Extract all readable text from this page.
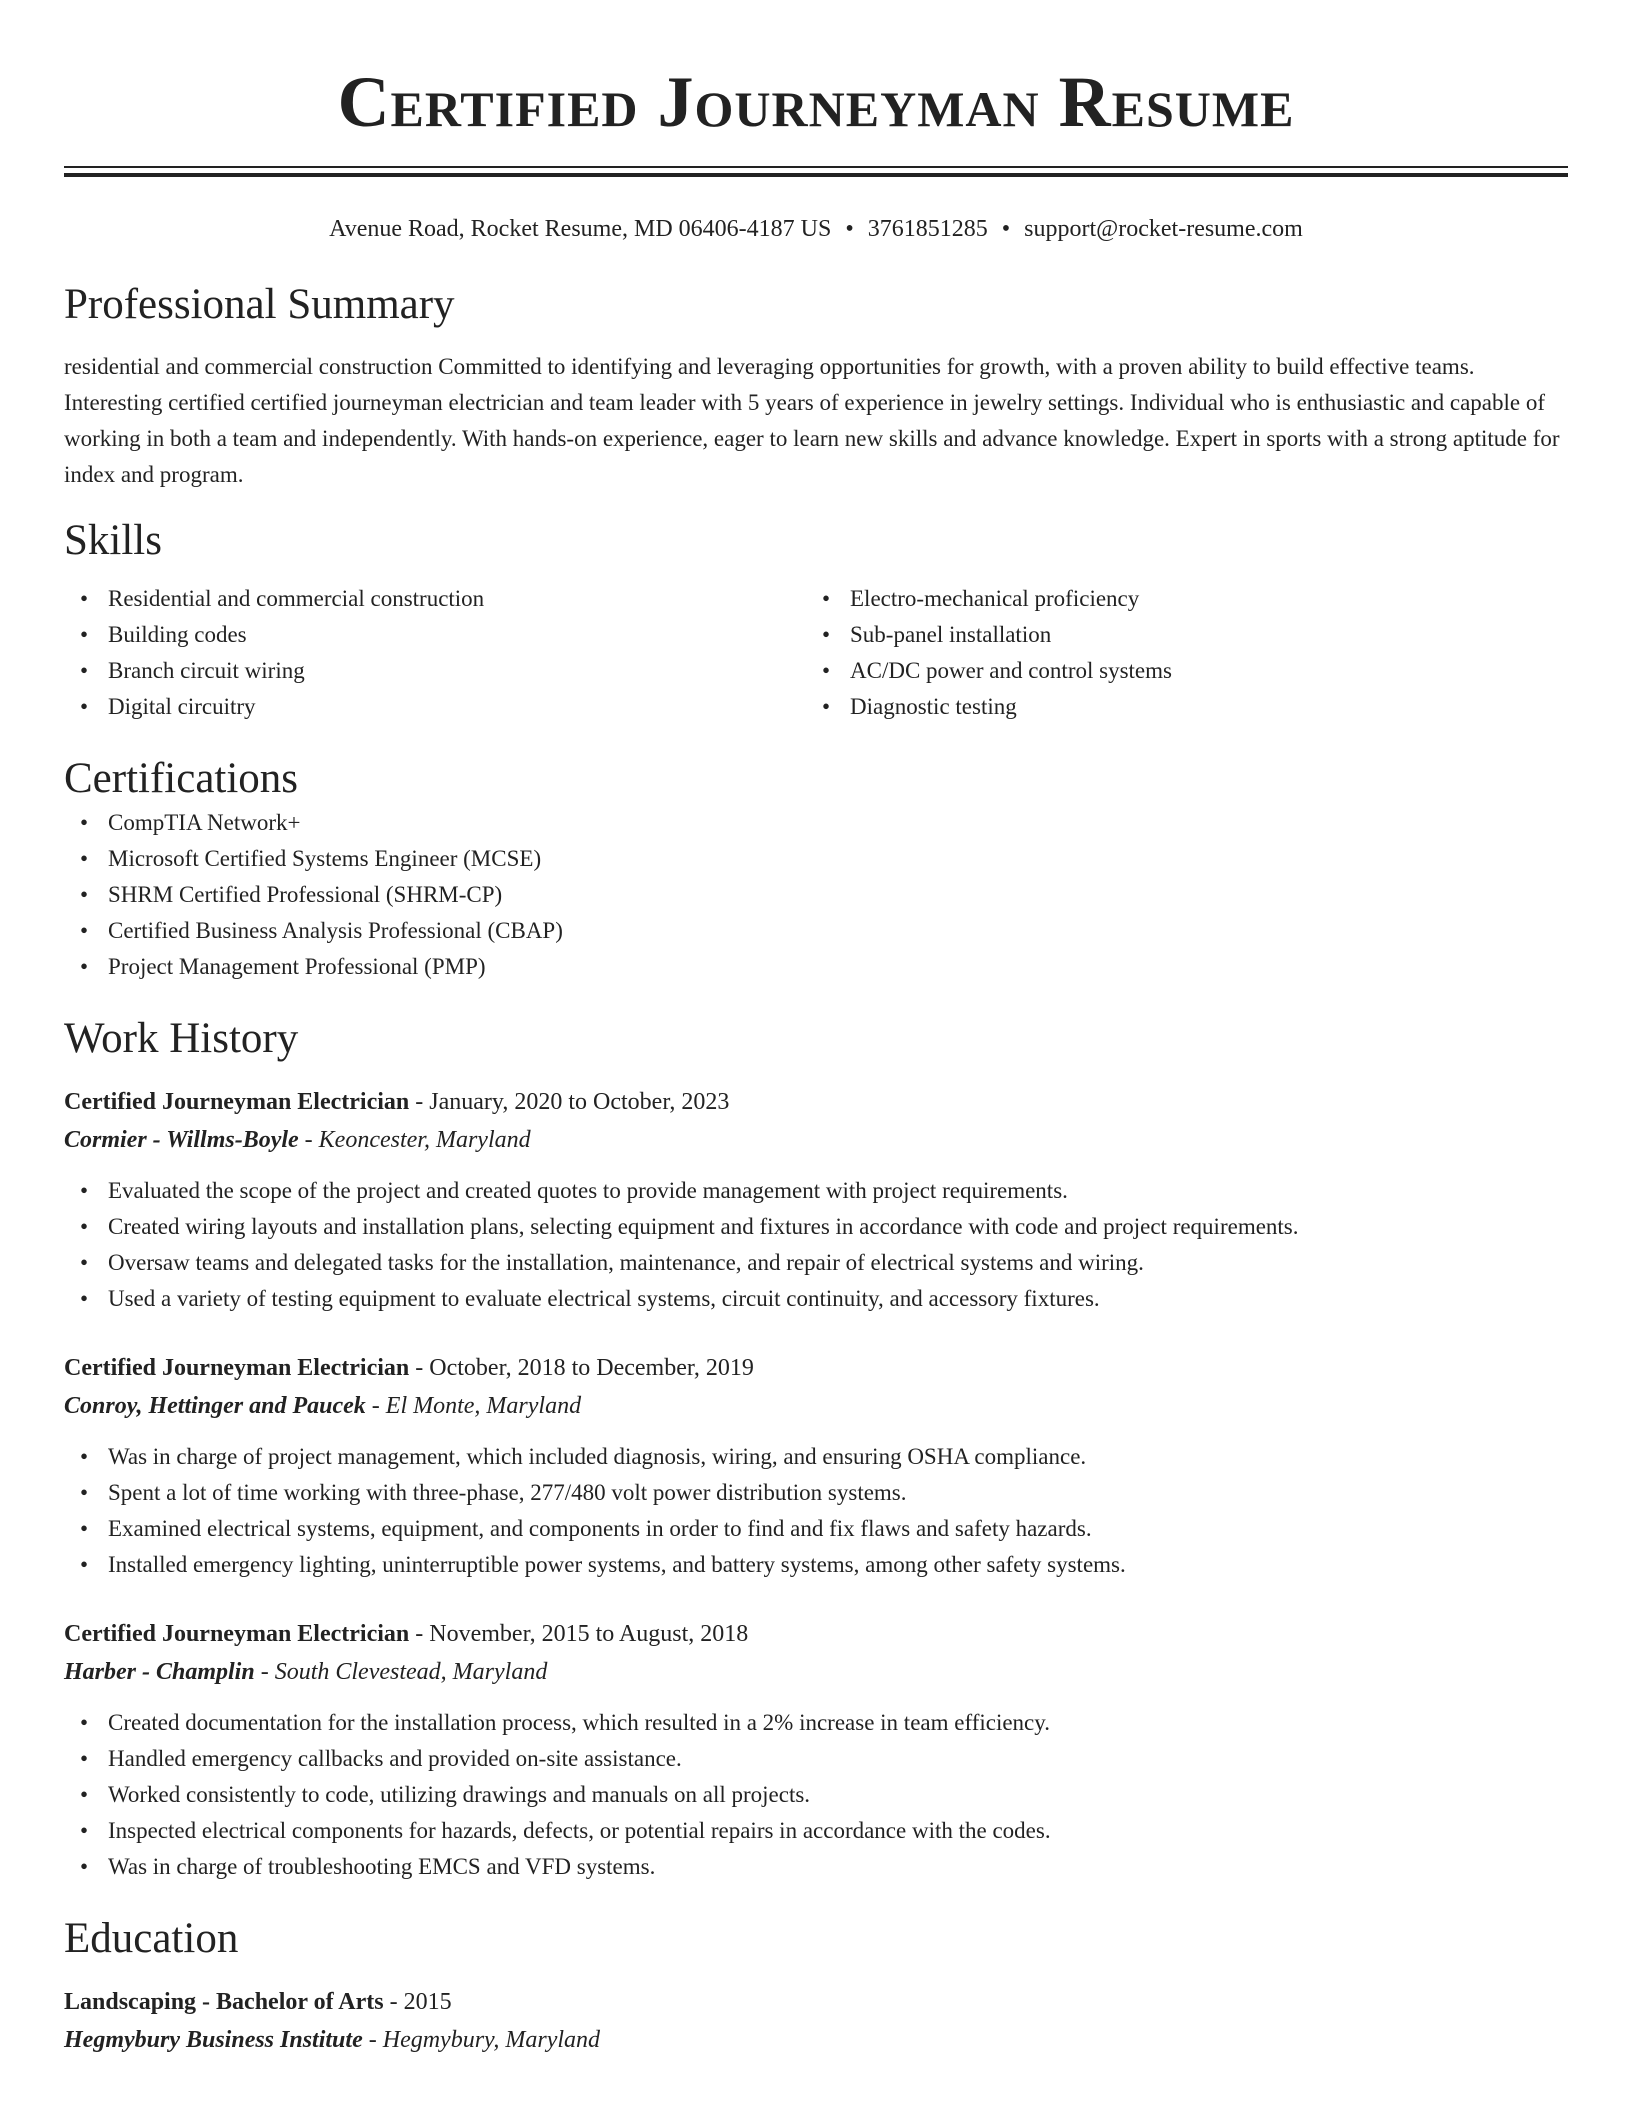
Certified Journeyman Resume
Avenue Road, Rocket Resume, MD 06406-4187 US • 3761851285 • support@rocket-resume.com
Professional Summary

residential and commercial construction Committed to identifying and leveraging opportunities for growth, with a proven ability to build effective teams. Interesting certified certified journeyman electrician and team leader with 5 years of experience in jewelry settings. Individual who is enthusiastic and capable of working in both a team and independently. With hands-on experience, eager to learn new skills and advance knowledge. Expert in sports with a strong aptitude for index and program.

Skills
• Residential and commercial construction
• Building codes
• Branch circuit wiring
• Digital circuitry
• Electro-mechanical proficiency
• Sub-panel installation
• AC/DC power and control systems
• Diagnostic testing
Certifications
• CompTIA Network+
• Microsoft Certified Systems Engineer (MCSE)
• SHRM Certified Professional (SHRM-CP)
• Certified Business Analysis Professional (CBAP)
• Project Management Professional (PMP)
Work History
Certified Journeyman Electrician - January, 2020 to October, 2023
Cormier - Willms-Boyle - Keoncester, Maryland
• Evaluated the scope of the project and created quotes to provide management with project requirements.
• Created wiring layouts and installation plans, selecting equipment and fixtures in accordance with code and project requirements.
• Oversaw teams and delegated tasks for the installation, maintenance, and repair of electrical systems and wiring.
• Used a variety of testing equipment to evaluate electrical systems, circuit continuity, and accessory fixtures.
Certified Journeyman Electrician - October, 2018 to December, 2019
Conroy, Hettinger and Paucek - El Monte, Maryland
• Was in charge of project management, which included diagnosis, wiring, and ensuring OSHA compliance.
• Spent a lot of time working with three-phase, 277/480 volt power distribution systems.
• Examined electrical systems, equipment, and components in order to find and fix flaws and safety hazards.
• Installed emergency lighting, uninterruptible power systems, and battery systems, among other safety systems.
Certified Journeyman Electrician - November, 2015 to August, 2018
Harber - Champlin - South Clevestead, Maryland
• Created documentation for the installation process, which resulted in a 2% increase in team efficiency.
• Handled emergency callbacks and provided on-site assistance.
• Worked consistently to code, utilizing drawings and manuals on all projects.
• Inspected electrical components for hazards, defects, or potential repairs in accordance with the codes.
• Was in charge of troubleshooting EMCS and VFD systems.
Education
Landscaping - Bachelor of Arts - 2015
Hegmybury Business Institute - Hegmybury, Maryland
